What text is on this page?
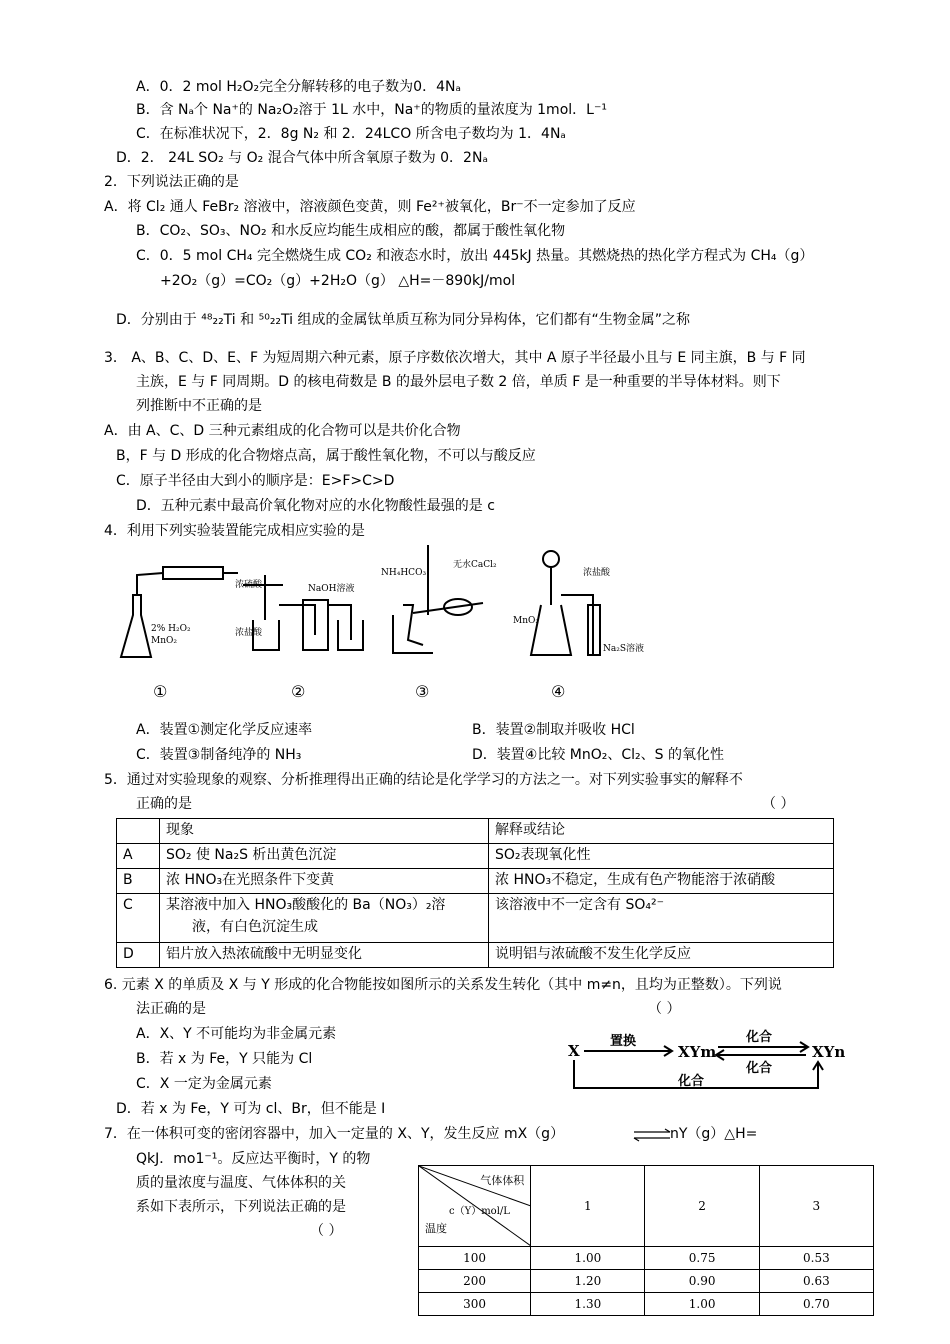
A．0．2 mol H₂O₂完全分解转移的电子数为0．4Nₐ
B．含 Nₐ个 Na⁺的 Na₂O₂溶于 1L 水中，Na⁺的物质的量浓度为 1mol．L⁻¹
C．在标准状况下，2．8g N₂ 和 2．24LCO 所含电子数均为 1．4Nₐ
D．2． 24L SO₂ 与 O₂ 混合气体中所含氧原子数为 0．2Nₐ
2．下列说法正确的是
A．将 Cl₂ 通人 FeBr₂ 溶液中，溶液颜色变黄，则 Fe²⁺被氧化，Br⁻不一定参加了反应
B．CO₂、SO₃、NO₂ 和水反应均能生成相应的酸，都属于酸性氧化物
C．0．5 mol CH₄ 完全燃烧生成 CO₂ 和液态水时，放出 445kJ 热量。其燃烧热的热化学方程式为 CH₄（g）
+2O₂（g）=CO₂（g）+2H₂O（g） △H=－890kJ/mol
D．分别由于 ⁴⁸₂₂Ti 和 ⁵⁰₂₂Ti 组成的金属钛单质互称为同分异构体，它们都有“生物金属”之称
3． A、B、C、D、E、F 为短周期六种元素，原子序数依次增大，其中 A 原子半径最小且与 E 同主旗，B 与 F 同
主族，E 与 F 同周期。D 的核电荷数是 B 的最外层电子数 2 倍，单质 F 是一种重要的半导体材料。则下
列推断中不正确的是
A．由 A、C、D 三种元素组成的化合物可以是共价化合物
B，F 与 D 形成的化合物熔点高，属于酸性氧化物，不可以与酸反应
C．原子半径由大到小的顺序是：E>F>C>D
D．五种元素中最高价氧化物对应的水化物酸性最强的是 c
4．利用下列实验装置能完成相应实验的是
2% H₂O₂
MnO₂
浓硫酸
浓盐酸
NaOH溶液
NH₄HCO₃
无水CaCl₂
浓盐酸
MnO₂
Na₂S溶液
①	②	③	④
A．装置①测定化学反应速率	B．装置②制取并吸收 HCl
C．装置③制备纯净的 NH₃	D．装置④比较 MnO₂、Cl₂、S 的氧化性
5．通过对实验现象的观察、分析推理得出正确的结论是化学学习的方法之一。对下列实验事实的解释不
正确的是	（ ）
	现象	解释或结论
A	SO₂ 使 Na₂S 析出黄色沉淀	SO₂表现氧化性
B	浓 HNO₃在光照条件下变黄	浓 HNO₃不稳定，生成有色产物能溶于浓硝酸
C	某溶液中加入 HNO₃酸酸化的 Ba（NO₃）₂溶
液，有白色沉淀生成	该溶液中不一定含有 SO₄²⁻
D	铝片放入热浓硫酸中无明显变化	说明铝与浓硫酸不发生化学反应
6. 元素 X 的单质及 X 与 Y 形成的化合物能按如图所示的关系发生转化（其中 m≠n，且均为正整数）。下列说
法正确的是	（ ）
A．X、Y 不可能均为非金属元素
B．若 x 为 Fe，Y 只能为 Cl
C．X 一定为金属元素
D．若 x 为 Fe，Y 可为 cl、Br，但不能是 I
X	XYm	XYn
置换	化合
化合
化合
7．在一体积可变的密闭容器中，加入一定量的 X、Y，发生反应 mX（g）	nY（g）△H=
QkJ．mo1⁻¹。反应达平衡时，Y 的物
质的量浓度与温度、气体体积的关
系如下表所示，下列说法正确的是
（ ）
气体体积
c（Y）mol/L
温度	1	2	3
100	1.00	0.75	0.53
200	1.20	0.90	0.63
300	1.30	1.00	0.70
